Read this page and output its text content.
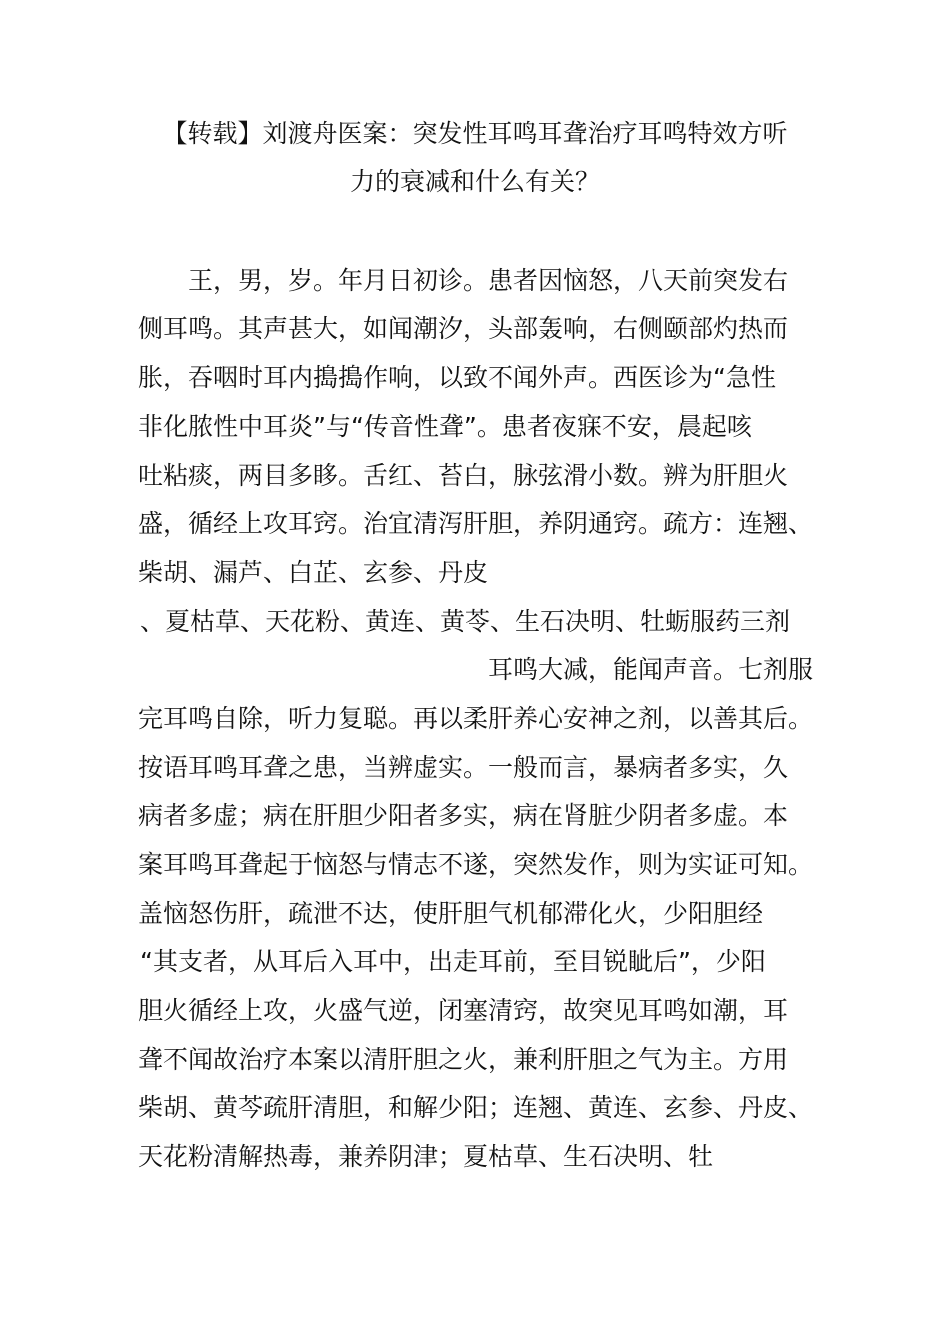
【转载】刘渡舟医案：突发性耳鸣耳聋治疗耳鸣特效方听
力的衰减和什么有关？
　　王，男，岁。年月日初诊。患者因恼怒，八天前突发右
侧耳鸣。其声甚大，如闻潮汐，头部轰响，右侧颐部灼热而
胀，吞咽时耳内搗搗作响，以致不闻外声。西医诊为“急性
非化脓性中耳炎”与“传音性聋”。患者夜寐不安，晨起咳
吐粘痰，两目多眵。舌红、苔白，脉弦滑小数。辨为肝胆火
盛，循经上攻耳窍。治宜清泻肝胆，养阴通窍。疏方：连翘、
柴胡、漏芦、白芷、玄参、丹皮
、夏枯草、天花粉、黄连、黄苓、生石决明、牡蛎服药三剂
耳鸣大减，能闻声音。七剂服
完耳鸣自除，听力复聪。再以柔肝养心安神之剂，以善其后。
按语耳鸣耳聋之患，当辨虚实。一般而言，暴病者多实，久
病者多虚；病在肝胆少阳者多实，病在肾脏少阴者多虚。本
案耳鸣耳聋起于恼怒与情志不遂，突然发作，则为实证可知。
盖恼怒伤肝，疏泄不达，使肝胆气机郁滞化火，少阳胆经
“其支者，从耳后入耳中，出走耳前，至目锐眦后”，少阳
胆火循经上攻，火盛气逆，闭塞清窍，故突见耳鸣如潮，耳
聋不闻故治疗本案以清肝胆之火，兼利肝胆之气为主。方用
柴胡、黄芩疏肝清胆，和解少阳；连翘、黄连、玄参、丹皮、
天花粉清解热毒，兼养阴津；夏枯草、生石决明、牡
